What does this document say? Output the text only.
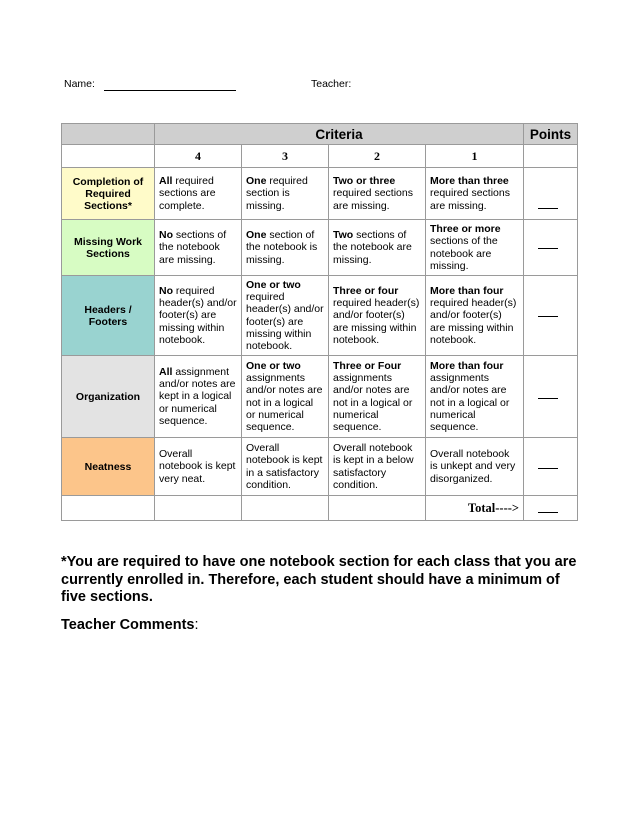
Name:	Teacher:
	Criteria				Points
	4	3	2	1	
Completion of Required Sections*	All required sections are complete.	One required section is missing.	Two or three required sections are missing.	More than three required sections are missing.	

Missing Work Sections	No sections of the notebook are missing.	One section of the notebook is missing.	Two sections of the notebook are missing.	Three or more sections of the notebook are missing.	

Headers / Footers	No required header(s) and/or footer(s) are missing within notebook.	One or two required header(s) and/or footer(s) are missing within notebook.	Three or four required header(s) and/or footer(s) are missing within notebook.	More than four required header(s) and/or footer(s) are missing within notebook.	

Organization	All assignment and/or notes are kept in a logical or numerical sequence.	One or two assignments and/or notes are not in a logical or numerical sequence.	Three or Four assignments and/or notes are not in a logical or numerical sequence.	More than four assignments and/or notes are not in a logical or numerical sequence.	

Neatness	Overall notebook is kept very neat.	Overall notebook is kept in a satisfactory condition.	Overall notebook is kept in a below satisfactory condition.	Overall notebook is unkept and very disorganized.	

				Total---->	
*You are required to have one notebook section for each class that you are currently enrolled in. Therefore, each student should have a minimum of five sections.
Teacher Comments:
